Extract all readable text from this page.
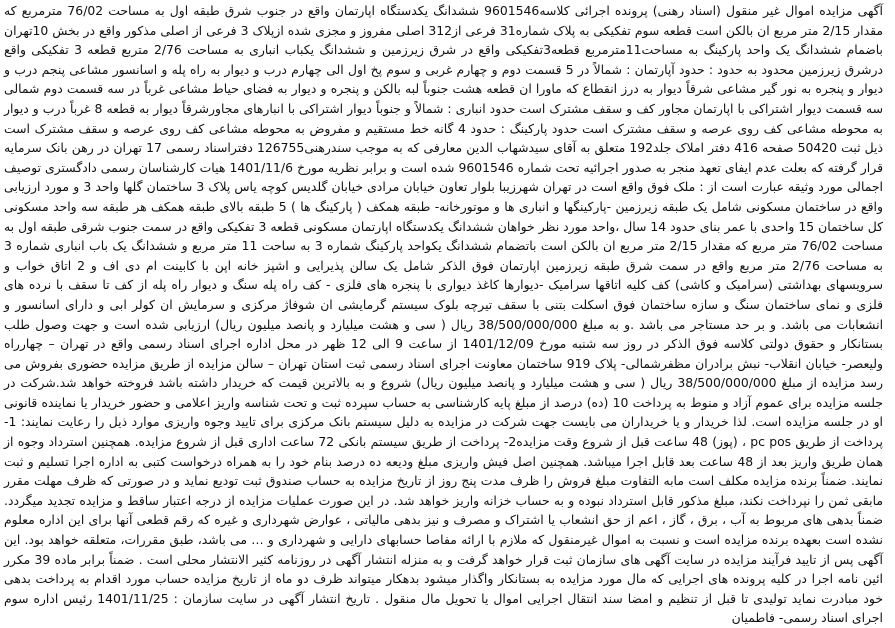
آگهی مزایده اموال غیر منقول (اسناد رهنی) پرونده اجرائی کلاسه9601546 ششدانگ یکدستگاه اپارتمان واقع در جنوب شرق طبقه اول به مساحت 76/02 مترمربع که مقدار 2/15 متر مربع ان بالکن است قطعه سوم تفکیکی به پلاک شماره31 فرعی از312 اصلی مفروز و مجزی شده ازپلاک 3 فرعی از اصلی مذکور واقع در بخش 10تهران باضمام ششدانگ یک واحد پارکینگ به مساحت11مترمربع قطعه3تفکیکی واقع در شرق زیرزمین و ششدانگ یکباب انباری به مساحت 2/76 متربع قطعه 3 تفکیکی واقع درشرق زیرزمین محدود به حدود : حدود آپارتمان : شمالاً در 5 قسمت دوم و چهارم غربی و سوم پخ اول الی چهارم درب و دیوار به راه پله و اسانسور مشاعی پنجم درب و دیوار و پنجره به نور گیر مشاعی شرقاً دیوار به درز انقطاع که ماورا ان قطعه هشت جنوباً لبه بالکن و پنجره و دیوار به فضای حیاط مشاعی غرباً در سه قسمت دوم شمالی سه قسمت دیوار اشتراکی با اپارتمان مجاور کف و سقف مشترک است حدود انباری : شمالاً و جنوباً دیوار اشتراکی با انبارهای مجاورشرقاً دیوار به قطعه 8 غرباً درب و دیوار به محوطه مشاعی کف روی عرصه و سقف مشترک است حدود پارکینگ : حدود 4 گانه خط مستقیم و مفروض به محوطه مشاعی کف روی عرصه و سقف مشترک است ذیل ثبت 50420 صفحه 416 دفتر املاک جلد192 متعلق به آقای سیدشهاب الدین معارفی که به موجب سندرهنی126755 دفتراسناد رسمی 17 تهران در رهن بانک سرمایه قرار گرفته که بعلت عدم ایفای تعهد منجر به صدور اجرائیه تحت شماره 9601546 شده است و برابر نظریه مورخ 1401/11/6 هیات کارشناسان رسمی دادگستری توصیف اجمالی مورد وثیقه عبارت است از : ملک فوق واقع است در تهران شهرزیبا بلوار تعاون خیابان مرادی خیابان گلدیس کوچه یاس پلاک 3 ساختمان گلها واحد 3 و مورد ارزیابی واقع در ساختمان مسکونی شامل یک طبقه زیرزمین -پارکینگها و انباری ها و موتورخانه- طبقه همکف ( پارکینگ ها ) 5 طبقه بالای طبقه همکف هر طبقه سه واحد مسکونی کل ساختمان 15 واحدی با عمر بنای حدود 14 سال ،واحد مورد نظر خواهان ششدانگ یکدستگاه اپارتمان مسکونی قطعه 3 تفکیکی واقع در سمت جنوب شرقی طبقه اول به مساحت 76/02 متر مربع که مقدار 2/15 متر مربع ان بالکن است باتضمام ششدانگ یکواحد پارکینگ شماره 3 به ساحت 11 متر مربع و ششدانگ یک باب انباری شماره 3 به مساحت 2/76 متر مربع واقع در سمت شرق طبقه زیرزمین اپارتمان فوق الذکر شامل یک سالن پذیرایی و اشپز خانه اپن با کابینت ام دی اف و 2 اتاق خواب و سرویسهای بهداشتی (سرامیک و کاشی) کف کلیه اتاقها سرامیک -دیوارها کاغذ دیواری با پنجره های فلزی - کف راه پله سنگ و دیوار راه پله از کف تا سقف با نرده های فلزی و نمای ساختمان سنگ و سازه ساختمان فوق اسکلت بتنی با سقف تیرچه بلوک سیستم گرمایشی ان شوفاژ مرکزی و سرمایش ان کولر ابی و دارای اسانسور و انشعابات می باشد. و بر حد مستاجر می باشد .و به مبلغ 38/500/000/000 ریال ( سی و هشت میلیارد و پانصد میلیون ریال) ارزیابی شده است و جهت وصول طلب بستانکار و حقوق دولتی کلاسه فوق الذکر در روز سه شنبه مورخ 1401/12/09 از ساعت 9 الی 12 ظهر در محل اداره اجرای اسناد رسمی واقع در تهران – چهارراه ولیعصر- خیابان انقلاب- نبش برادران مظفرشمالی- پلاک 919 ساختمان معاونت اجرای اسناد رسمی ثبت استان تهران – سالن مزایده از طریق مزایده حضوری بفروش می رسد مزایده از مبلغ 38/500/000/000 ریال ( سی و هشت میلیارد و پانصد میلیون ریال) شروع و به بالاترین قیمت که خریدار داشته باشد فروخته خواهد شد.شرکت در جلسه مزایده برای عموم آزاد و منوط به پرداخت 10 (ده) درصد از مبلغ پایه کارشناسی به حساب سپرده ثبت و تحت شناسه واریز اعلامی و حضور خریدار یا نماینده قانونی او در جلسه مزایده است. لذا خریدار و یا خریداران می بایست جهت شرکت در مزایده به دلیل سیستم بانک مرکزی برای تایید وجوه واریزی موارد ذیل را رعایت نمایند: 1- پرداخت از طریق pc pos ، (پوز) 48 ساعت قبل از شروع وقت مزایده2- پرداخت از طریق سیستم بانکی 72 ساعت اداری قبل از شروع مزایده. همچنین استرداد وجوه از همان طریق واریز بعد از 48 ساعت بعد قابل اجرا میباشد. همچنین اصل فیش واریزی مبلغ ودیعه ده درصد بنام خود را به همراه درخواست کتبی به اداره اجرا تسلیم و ثبت نمایند. ضمناً برنده مزایده مکلف است مابه التفاوت مبلغ فروش را ظرف مدت پنج روز از تاریخ مزایده به حساب صندوق ثبت تودیع نماید و در صورتی که ظرف مهلت مقرر مابقی ثمن را نپرداخت نکند، مبلغ مذکور قابل استرداد نبوده و به حساب خزانه واریز خواهد شد. در این صورت عملیات مزایده از درجه اعتبار ساقط و مزایده تجدید میگردد. ضمناً بدهی های مربوط به آب ، برق ، گاز ، اعم از حق انشعاب یا اشتراک و مصرف و نیز بدهی مالیاتی ، عوارض شهرداری و غیره که رقم قطعی آنها برای این اداره معلوم نشده است بعهده برنده مزایده است و نسبت به اموال غیرمنقول که ملازم با ارائه مفاصا حسابهای دارایی و شهرداری و … می باشد، طبق مقررات، متعلقه خواهد بود. این آگهی پس از تایید فرآیند مزایده در سایت آگهی های سازمان ثبت قرار خواهد گرفت و به منزله انتشار آگهی در روزنامه کثیر الانتشار محلی است . ضمناً برابر ماده 39 مکرر ائین نامه اجرا در کلیه پرونده های اجرایی که مال مورد مزایده به بستانکار واگذار میشود بدهکار میتواند ظرف دو ماه از تاریخ مزایده حساب مورد اقدام به پرداخت بدهی خود مبادرت نماید تولیدی تا قبل از تنظیم و امضا سند انتقال اجرایی اموال یا تحویل مال منقول . تاریخ انتشار آگهی در سایت سازمان : 1401/11/25 رئیس اداره سوم اجرای اسناد رسمی- فاطمیان
